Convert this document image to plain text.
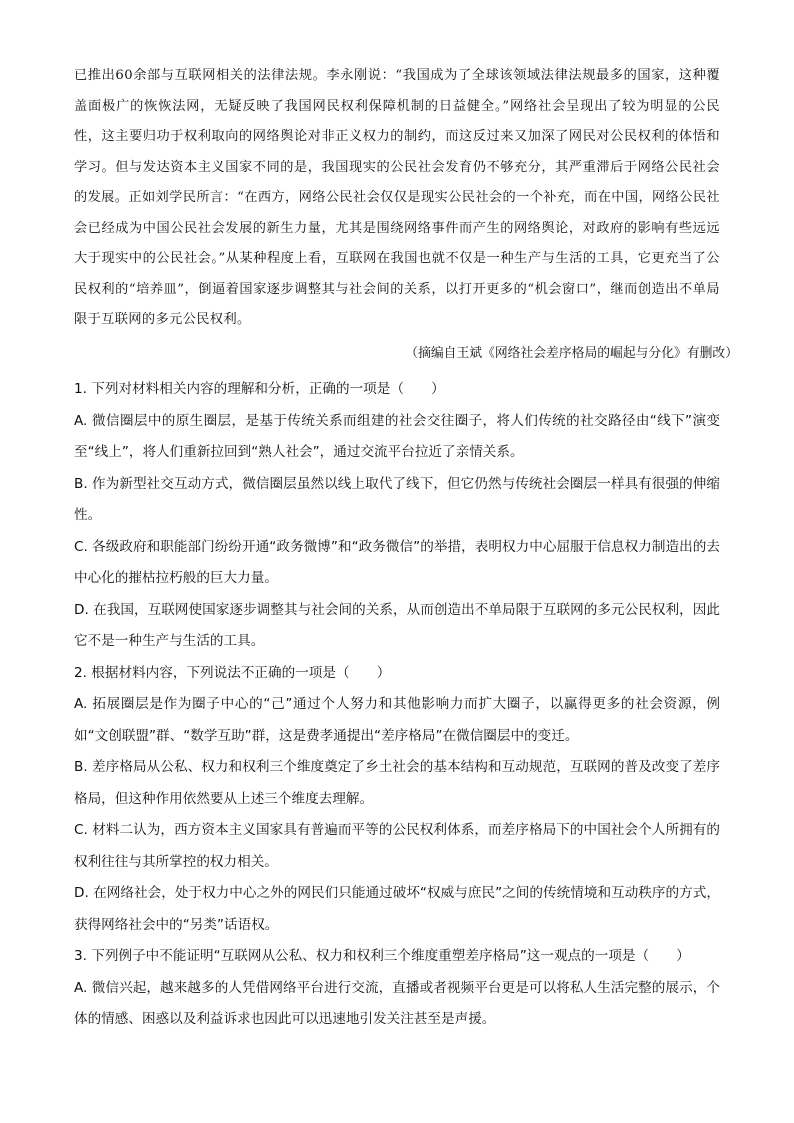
已推出60余部与互联网相关的法律法规。李永刚说：“我国成为了全球该领域法律法规最多的国家，这种覆盖面极广的恢恢法网，无疑反映了我国网民权利保障机制的日益健全。”网络社会呈现出了较为明显的公民性，这主要归功于权利取向的网络舆论对非正义权力的制约，而这反过来又加深了网民对公民权利的体悟和学习。但与发达资本主义国家不同的是，我国现实的公民社会发育仍不够充分，其严重滞后于网络公民社会的发展。正如刘学民所言：“在西方，网络公民社会仅仅是现实公民社会的一个补充，而在中国，网络公民社会已经成为中国公民社会发展的新生力量，尤其是围绕网络事件而产生的网络舆论，对政府的影响有些远远大于现实中的公民社会。”从某种程度上看，互联网在我国也就不仅是一种生产与生活的工具，它更充当了公民权利的“培养皿”，倒逼着国家逐步调整其与社会间的关系，以打开更多的“机会窗口”，继而创造出不单局限于互联网的多元公民权利。

（摘编自王斌《网络社会差序格局的崛起与分化》有删改）

1. 下列对材料相关内容的理解和分析，正确的一项是（　　）

A. 微信圈层中的原生圈层，是基于传统关系而组建的社会交往圈子，将人们传统的社交路径由“线下”演变至“线上”，将人们重新拉回到“熟人社会”，通过交流平台拉近了亲情关系。

B. 作为新型社交互动方式，微信圈层虽然以线上取代了线下，但它仍然与传统社会圈层一样具有很强的伸缩性。

C. 各级政府和职能部门纷纷开通“政务微博”和“政务微信”的举措，表明权力中心屈服于信息权力制造出的去中心化的摧枯拉朽般的巨大力量。

D. 在我国，互联网使国家逐步调整其与社会间的关系，从而创造出不单局限于互联网的多元公民权利，因此它不是一种生产与生活的工具。

2. 根据材料内容，下列说法不正确的一项是（　　）

A. 拓展圈层是作为圈子中心的“己”通过个人努力和其他影响力而扩大圈子，以赢得更多的社会资源，例如“文创联盟”群、“数学互助”群，这是费孝通提出“差序格局”在微信圈层中的变迁。

B. 差序格局从公私、权力和权利三个维度奠定了乡土社会的基本结构和互动规范，互联网的普及改变了差序格局，但这种作用依然要从上述三个维度去理解。

C. 材料二认为，西方资本主义国家具有普遍而平等的公民权利体系，而差序格局下的中国社会个人所拥有的权利往往与其所掌控的权力相关。

D. 在网络社会，处于权力中心之外的网民们只能通过破坏“权威与庶民”之间的传统情境和互动秩序的方式，获得网络社会中的“另类”话语权。

3. 下列例子中不能证明“互联网从公私、权力和权利三个维度重塑差序格局”这一观点的一项是（　　）

A. 微信兴起，越来越多的人凭借网络平台进行交流，直播或者视频平台更是可以将私人生活完整的展示，个体的情感、困惑以及利益诉求也因此可以迅速地引发关注甚至是声援。
